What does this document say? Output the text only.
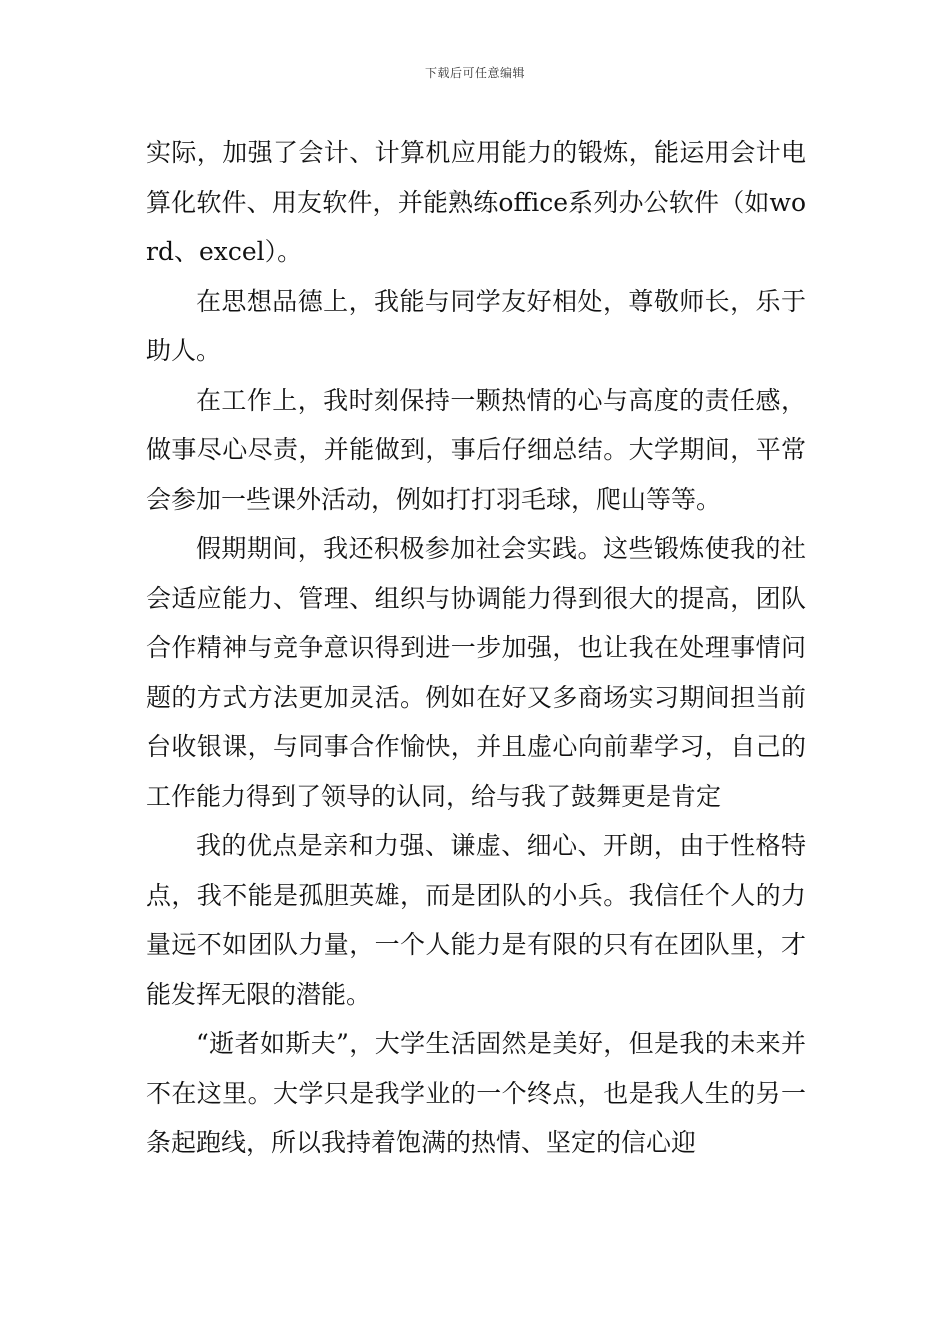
下载后可任意编辑

实际，加强了会计、计算机应用能力的锻炼，能运用会计电算化软件、用友软件，并能熟练office系列办公软件（如word、excel）。

在思想品德上，我能与同学友好相处，尊敬师长，乐于助人。

在工作上，我时刻保持一颗热情的心与高度的责任感，做事尽心尽责，并能做到，事后仔细总结。大学期间，平常会参加一些课外活动，例如打打羽毛球，爬山等等。

假期期间，我还积极参加社会实践。这些锻炼使我的社会适应能力、管理、组织与协调能力得到很大的提高，团队合作精神与竞争意识得到进一步加强，也让我在处理事情问题的方式方法更加灵活。例如在好又多商场实习期间担当前台收银课，与同事合作愉快，并且虚心向前辈学习，自己的工作能力得到了领导的认同，给与我了鼓舞更是肯定

我的优点是亲和力强、谦虚、细心、开朗，由于性格特点，我不能是孤胆英雄，而是团队的小兵。我信任个人的力量远不如团队力量，一个人能力是有限的只有在团队里，才能发挥无限的潜能。

“逝者如斯夫”，大学生活固然是美好，但是我的未来并不在这里。大学只是我学业的一个终点，也是我人生的另一条起跑线，所以我持着饱满的热情、坚定的信心迎
